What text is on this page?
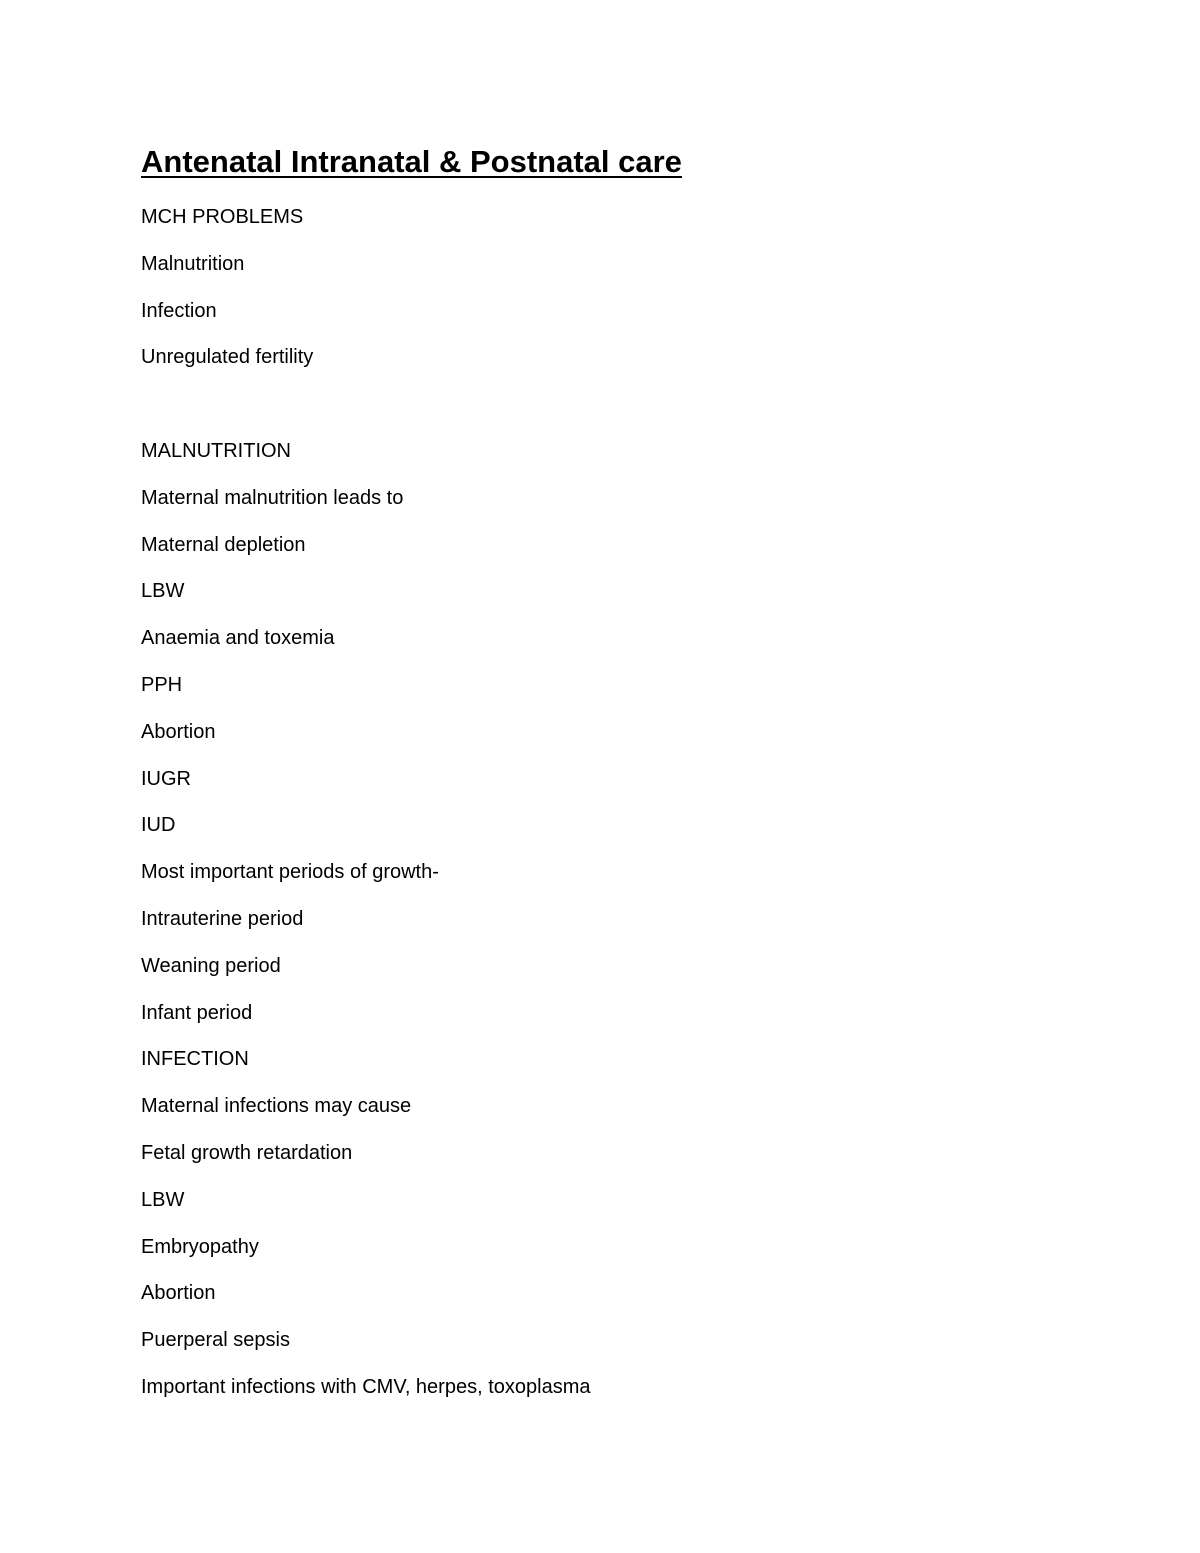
Antenatal Intranatal & Postnatal care
MCH PROBLEMS
Malnutrition
Infection
Unregulated fertility
MALNUTRITION
Maternal malnutrition leads to
Maternal depletion
LBW
Anaemia and toxemia
PPH
Abortion
IUGR
IUD
Most important periods of growth-
Intrauterine period
Weaning period
Infant period
INFECTION
Maternal infections may cause
Fetal growth retardation
LBW
Embryopathy
Abortion
Puerperal sepsis
Important infections with CMV, herpes, toxoplasma
